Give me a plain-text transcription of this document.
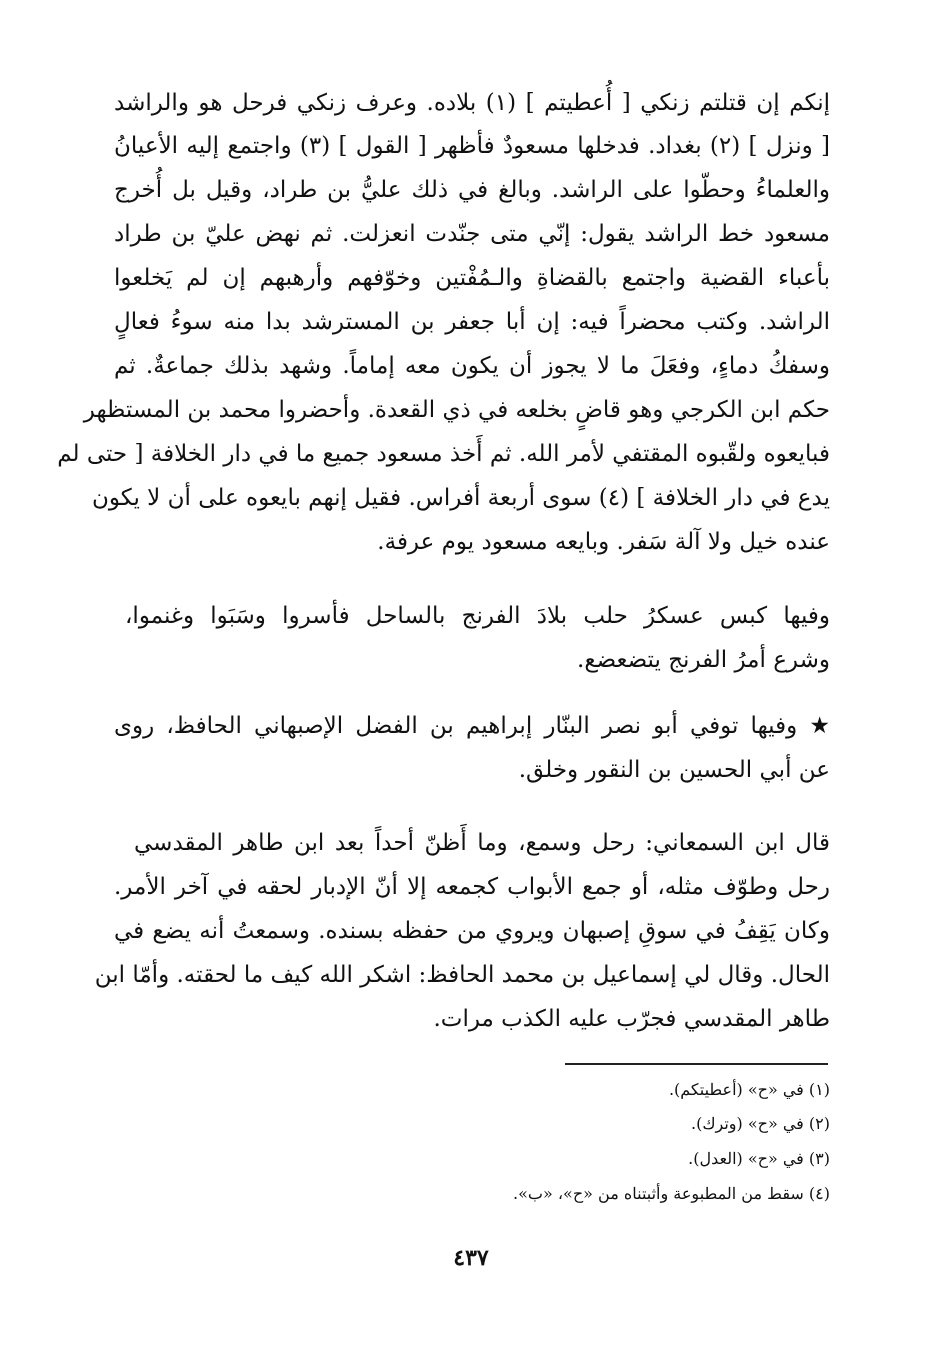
إنكم إن قتلتم زنكي [ أُعطيتم ] (١) بلاده. وعرف زنكي فرحل هو والراشد
[ ونزل ] (٢) بغداد. فدخلها مسعودٌ فأظهر [ القول ] (٣) واجتمع إليه الأعيانُ
والعلماءُ وحطّوا على الراشد. وبالغ في ذلك عليُّ بن طراد، وقيل بل أُخرج
مسعود خط الراشد يقول: إنّي متى جنّدت انعزلت. ثم نهض عليّ بن طراد
بأعباء القضية واجتمع بالقضاةِ والـمُفْتين وخوّفهم وأرهبهم إن لم يَخلعوا
الراشد. وكتب محضراً فيه: إن أبا جعفر بن المسترشد بدا منه سوءُ فعالٍ
وسفكُ دماءٍ، وفعَلَ ما لا يجوز أن يكون معه إماماً. وشهد بذلك جماعةٌ. ثم
حكم ابن الكرجي وهو قاضٍ بخلعه في ذي القعدة. وأحضروا محمد بن المستظهر
فبايعوه ولقّبوه المقتفي لأمر الله. ثم أَخذ مسعود جميع ما في دار الخلافة [ حتى لم
يدع في دار الخلافة ] (٤) سوى أربعة أفراس. فقيل إنهم بايعوه على أن لا يكون
عنده خيل ولا آلة سَفر. وبايعه مسعود يوم عرفة.
وفيها كبس عسكرُ حلب بلادَ الفرنج بالساحل فأسروا وسَبَوا وغنموا،
وشرع أمرُ الفرنج يتضعضع.
★ وفيها توفي أبو نصر البنّار إبراهيم بن الفضل الإصبهاني الحافظ، روى
عن أبي الحسين بن النقور وخلق.
قال ابن السمعاني: رحل وسمع، وما أَظنّ أحداً بعد ابن طاهر المقدسي
رحل وطوّف مثله، أو جمع الأبواب كجمعه إلا أنّ الإدبار لحقه في آخر الأمر.
وكان يَقِفُ في سوقِ إصبهان ويروي من حفظه بسنده. وسمعتُ أنه يضع في
الحال. وقال لي إسماعيل بن محمد الحافظ: اشكر الله كيف ما لحقته. وأمّا ابن
طاهر المقدسي فجرّب عليه الكذب مرات.
(١) في «ح» (أعطيتكم).
(٢) في «ح» (وترك).
(٣) في «ح» (العدل).
(٤) سقط من المطبوعة وأثبتناه من «ح»، «ب».
٤٣٧
